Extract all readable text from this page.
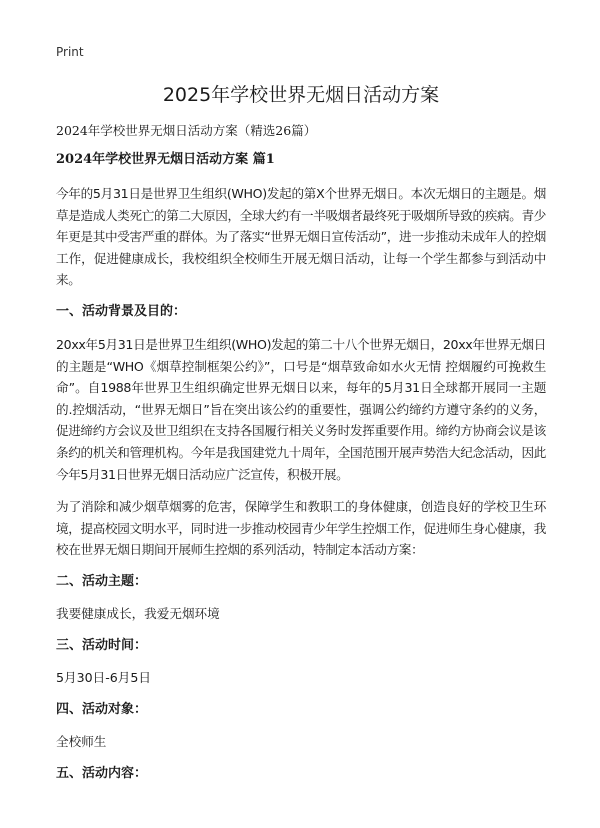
Print
2025年学校世界无烟日活动方案

2024年学校世界无烟日活动方案（精选26篇）

2024年学校世界无烟日活动方案 篇1

今年的5月31日是世界卫生组织(WHO)发起的第X个世界无烟日。本次无烟日的主题是。烟草是造成人类死亡的第二大原因，全球大约有一半吸烟者最终死于吸烟所导致的疾病。青少年更是其中受害严重的群体。为了落实“世界无烟日宣传活动”，进一步推动未成年人的控烟工作，促进健康成长，我校组织全校师生开展无烟日活动，让每一个学生都参与到活动中来。

一、活动背景及目的：

20xx年5月31日是世界卫生组织(WHO)发起的第二十八个世界无烟日，20xx年世界无烟日的主题是“WHO《烟草控制框架公约》”，口号是“烟草致命如水火无情 控烟履约可挽救生命”。自1988年世界卫生组织确定世界无烟日以来，每年的5月31日全球都开展同一主题的.控烟活动，“世界无烟日”旨在突出该公约的重要性，强调公约缔约方遵守条约的义务，促进缔约方会议及世卫组织在支持各国履行相关义务时发挥重要作用。缔约方协商会议是该条约的机关和管理机构。今年是我国建党九十周年，全国范围开展声势浩大纪念活动，因此今年5月31日世界无烟日活动应广泛宣传，积极开展。

为了消除和减少烟草烟雾的危害，保障学生和教职工的身体健康，创造良好的学校卫生环境，提高校园文明水平，同时进一步推动校园青少年学生控烟工作，促进师生身心健康，我校在世界无烟日期间开展师生控烟的系列活动，特制定本活动方案：

二、活动主题：

我要健康成长，我爱无烟环境

三、活动时间：

5月30日-6月5日

四、活动对象：

全校师生

五、活动内容：
